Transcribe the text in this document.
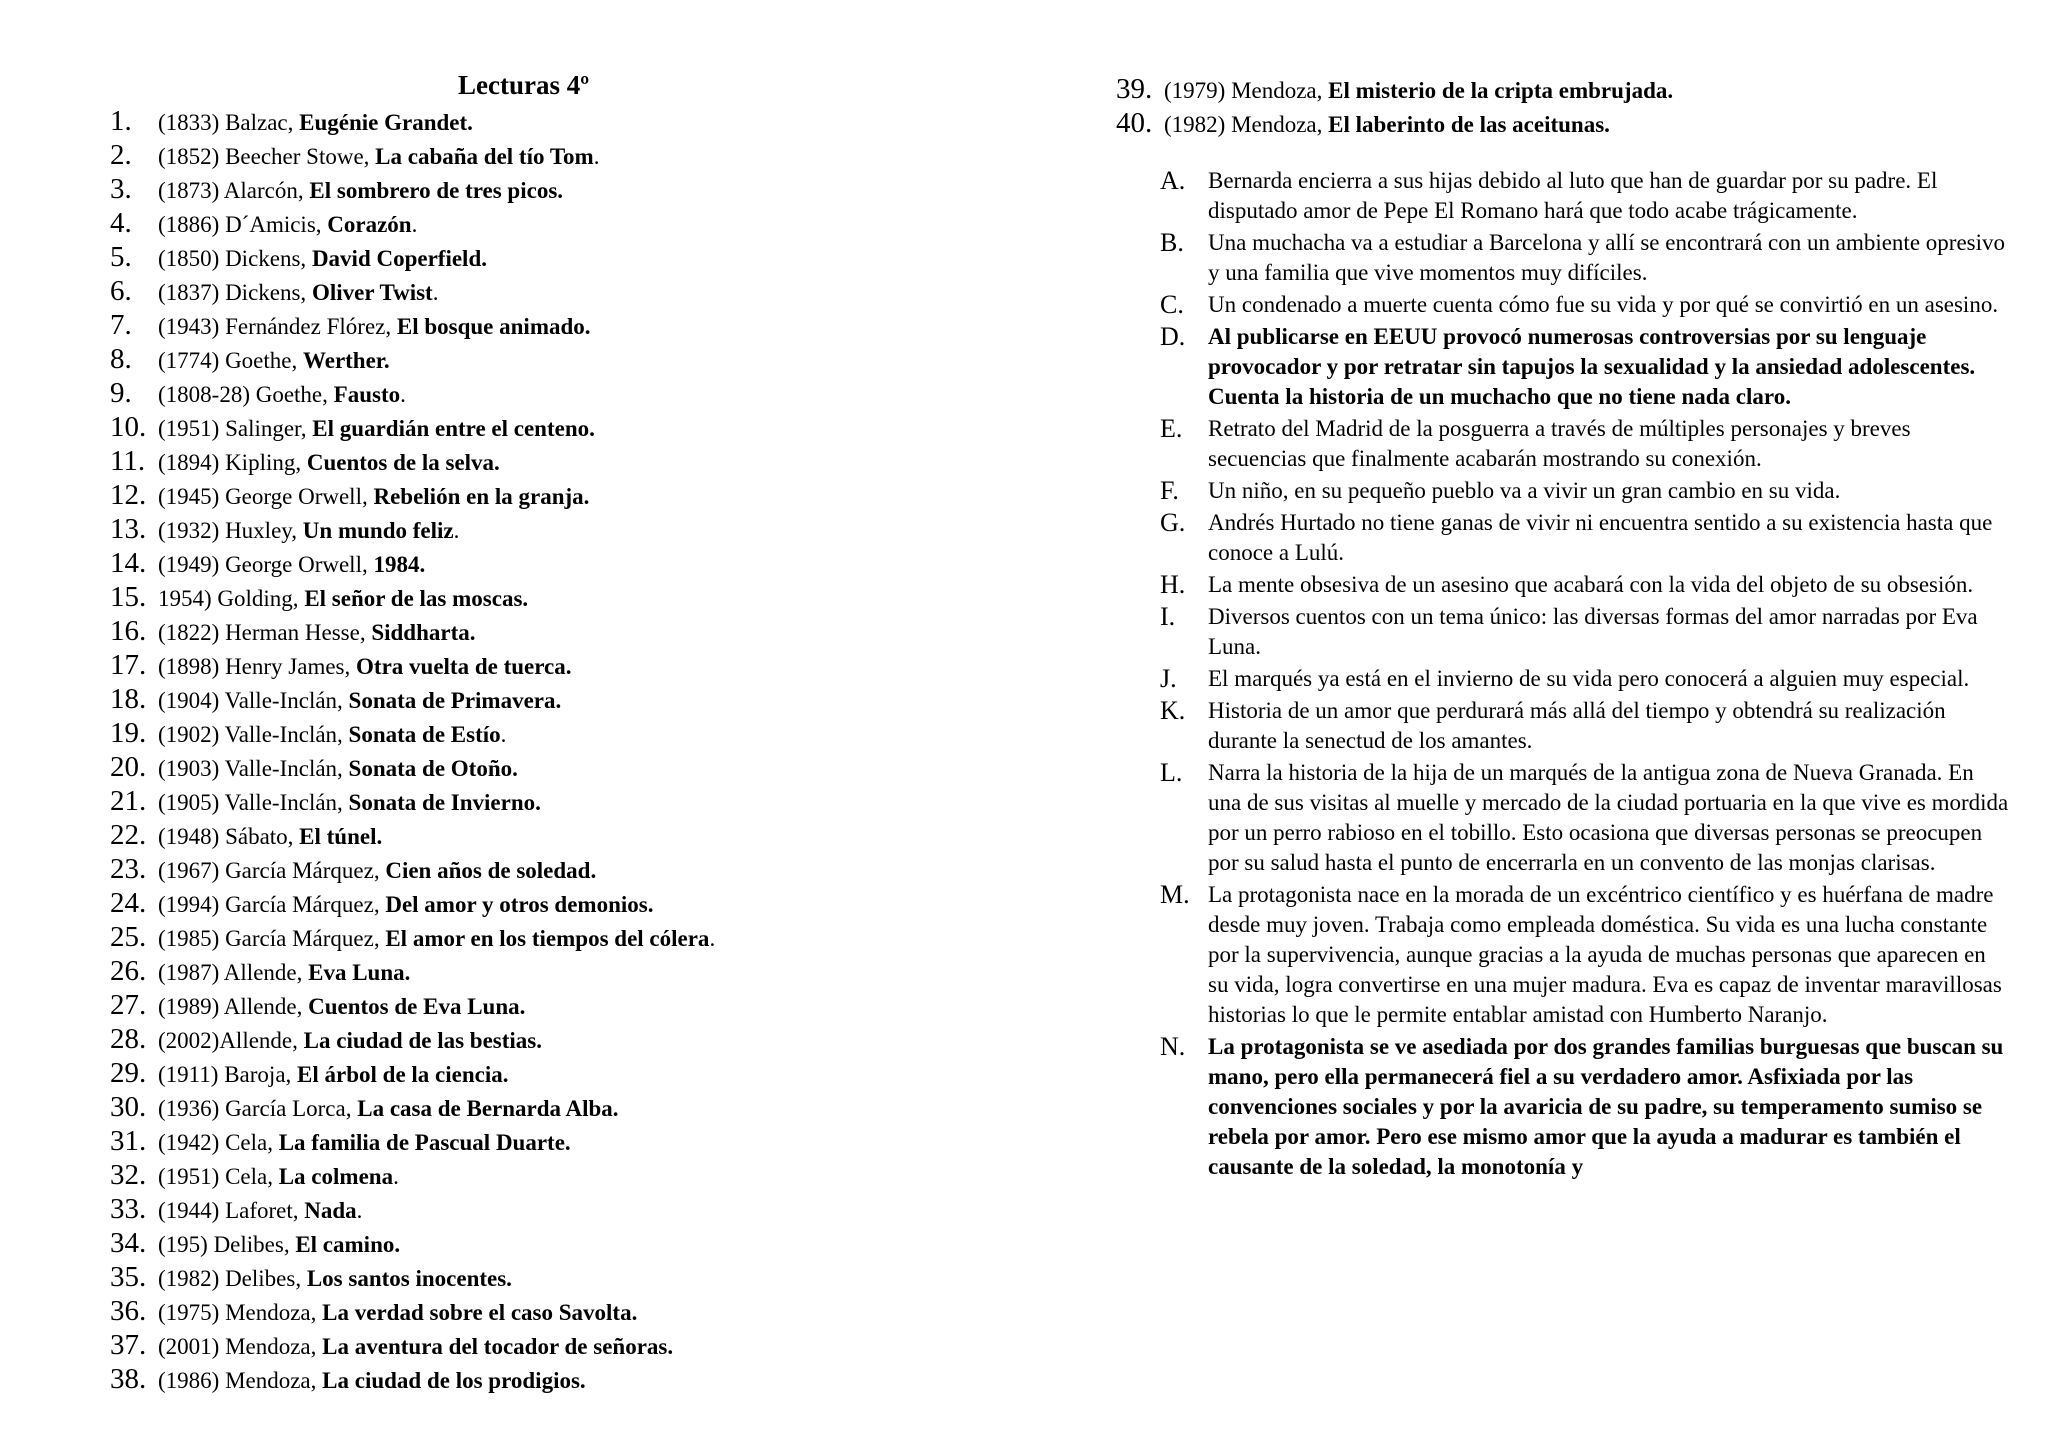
Lecturas 4º
1. (1833) Balzac, Eugénie Grandet.
2. (1852) Beecher Stowe, La cabaña del tío Tom.
3. (1873) Alarcón, El sombrero de tres picos.
4. (1886) D´Amicis, Corazón.
5. (1850) Dickens, David Coperfield.
6. (1837) Dickens, Oliver Twist.
7. (1943) Fernández Flórez, El bosque animado.
8. (1774) Goethe, Werther.
9. (1808-28) Goethe, Fausto.
10. (1951) Salinger, El guardián entre el centeno.
11. (1894) Kipling, Cuentos de la selva.
12. (1945) George Orwell, Rebelión en la granja.
13. (1932) Huxley, Un mundo feliz.
14. (1949) George Orwell, 1984.
15. 1954) Golding, El señor de las moscas.
16. (1822) Herman Hesse, Siddharta.
17. (1898) Henry James, Otra vuelta de tuerca.
18. (1904) Valle-Inclán, Sonata de Primavera.
19. (1902) Valle-Inclán, Sonata de Estío.
20. (1903) Valle-Inclán, Sonata de Otoño.
21. (1905) Valle-Inclán, Sonata de Invierno.
22. (1948) Sábato, El túnel.
23. (1967) García Márquez, Cien años de soledad.
24. (1994) García Márquez, Del amor y otros demonios.
25. (1985) García Márquez, El amor en los tiempos del cólera.
26. (1987) Allende, Eva Luna.
27. (1989) Allende, Cuentos de Eva Luna.
28. (2002)Allende, La ciudad de las bestias.
29. (1911) Baroja, El árbol de la ciencia.
30. (1936) García Lorca, La casa de Bernarda Alba.
31. (1942) Cela, La familia de Pascual Duarte.
32. (1951) Cela, La colmena.
33. (1944) Laforet, Nada.
34. (195) Delibes, El camino.
35. (1982) Delibes, Los santos inocentes.
36. (1975) Mendoza, La verdad sobre el caso Savolta.
37. (2001) Mendoza, La aventura del tocador de señoras.
38. (1986) Mendoza, La ciudad de los prodigios.
39. (1979) Mendoza, El misterio de la cripta embrujada.
40. (1982) Mendoza, El laberinto de las aceitunas.
A. Bernarda encierra a sus hijas debido al luto que han de guardar por su padre. El disputado amor de Pepe El Romano hará que todo acabe trágicamente.
B.	Una muchacha va a estudiar a Barcelona y allí se encontrará con un ambiente opresivo y una familia que vive momentos muy difíciles.
C.	Un condenado a muerte cuenta cómo fue su vida y por qué se convirtió en un asesino.
D. Al publicarse en EEUU provocó numerosas controversias por su lenguaje provocador y por retratar sin tapujos la sexualidad y la ansiedad adolescentes. Cuenta la historia de un muchacho que no tiene nada claro.
E.	Retrato del Madrid de la posguerra a través de múltiples personajes y breves secuencias que finalmente acabarán mostrando su conexión.
F.	Un niño, en su pequeño pueblo va a vivir un gran cambio en su vida.
G. Andrés Hurtado no tiene ganas de vivir ni encuentra sentido a su existencia hasta que conoce a Lulú.
H. La mente obsesiva de un asesino que acabará con la vida del objeto de su obsesión.
I.	Diversos cuentos con un tema único: las diversas formas del amor narradas por Eva Luna.
J.	El marqués ya está en el invierno de su vida pero conocerá a alguien muy especial.
K. Historia de un amor que perdurará más allá del tiempo y obtendrá su realización durante la senectud de los amantes.
L.	Narra la historia de la hija de un marqués de la antigua zona de Nueva Granada. En una de sus visitas al muelle y mercado de la ciudad portuaria en la que vive es mordida por un perro rabioso en el tobillo. Esto ocasiona que diversas personas se preocupen por su salud hasta el punto de encerrarla en un convento de las monjas clarisas.
M. La protagonista nace en la morada de un excéntrico científico y es huérfana de madre desde muy joven. Trabaja como empleada doméstica. Su vida es una lucha constante por la supervivencia, aunque gracias a la ayuda de muchas personas que aparecen en su vida, logra convertirse en una mujer madura. Eva es capaz de inventar maravillosas historias lo que le permite entablar amistad con Humberto Naranjo.
N. La protagonista se ve asediada por dos grandes familias burguesas que buscan su mano, pero ella permanecerá fiel a su verdadero amor. Asfixiada por las convenciones sociales y por la avaricia de su padre, su temperamento sumiso se rebela por amor. Pero ese mismo amor que la ayuda a madurar es también el causante de la soledad, la monotonía y
